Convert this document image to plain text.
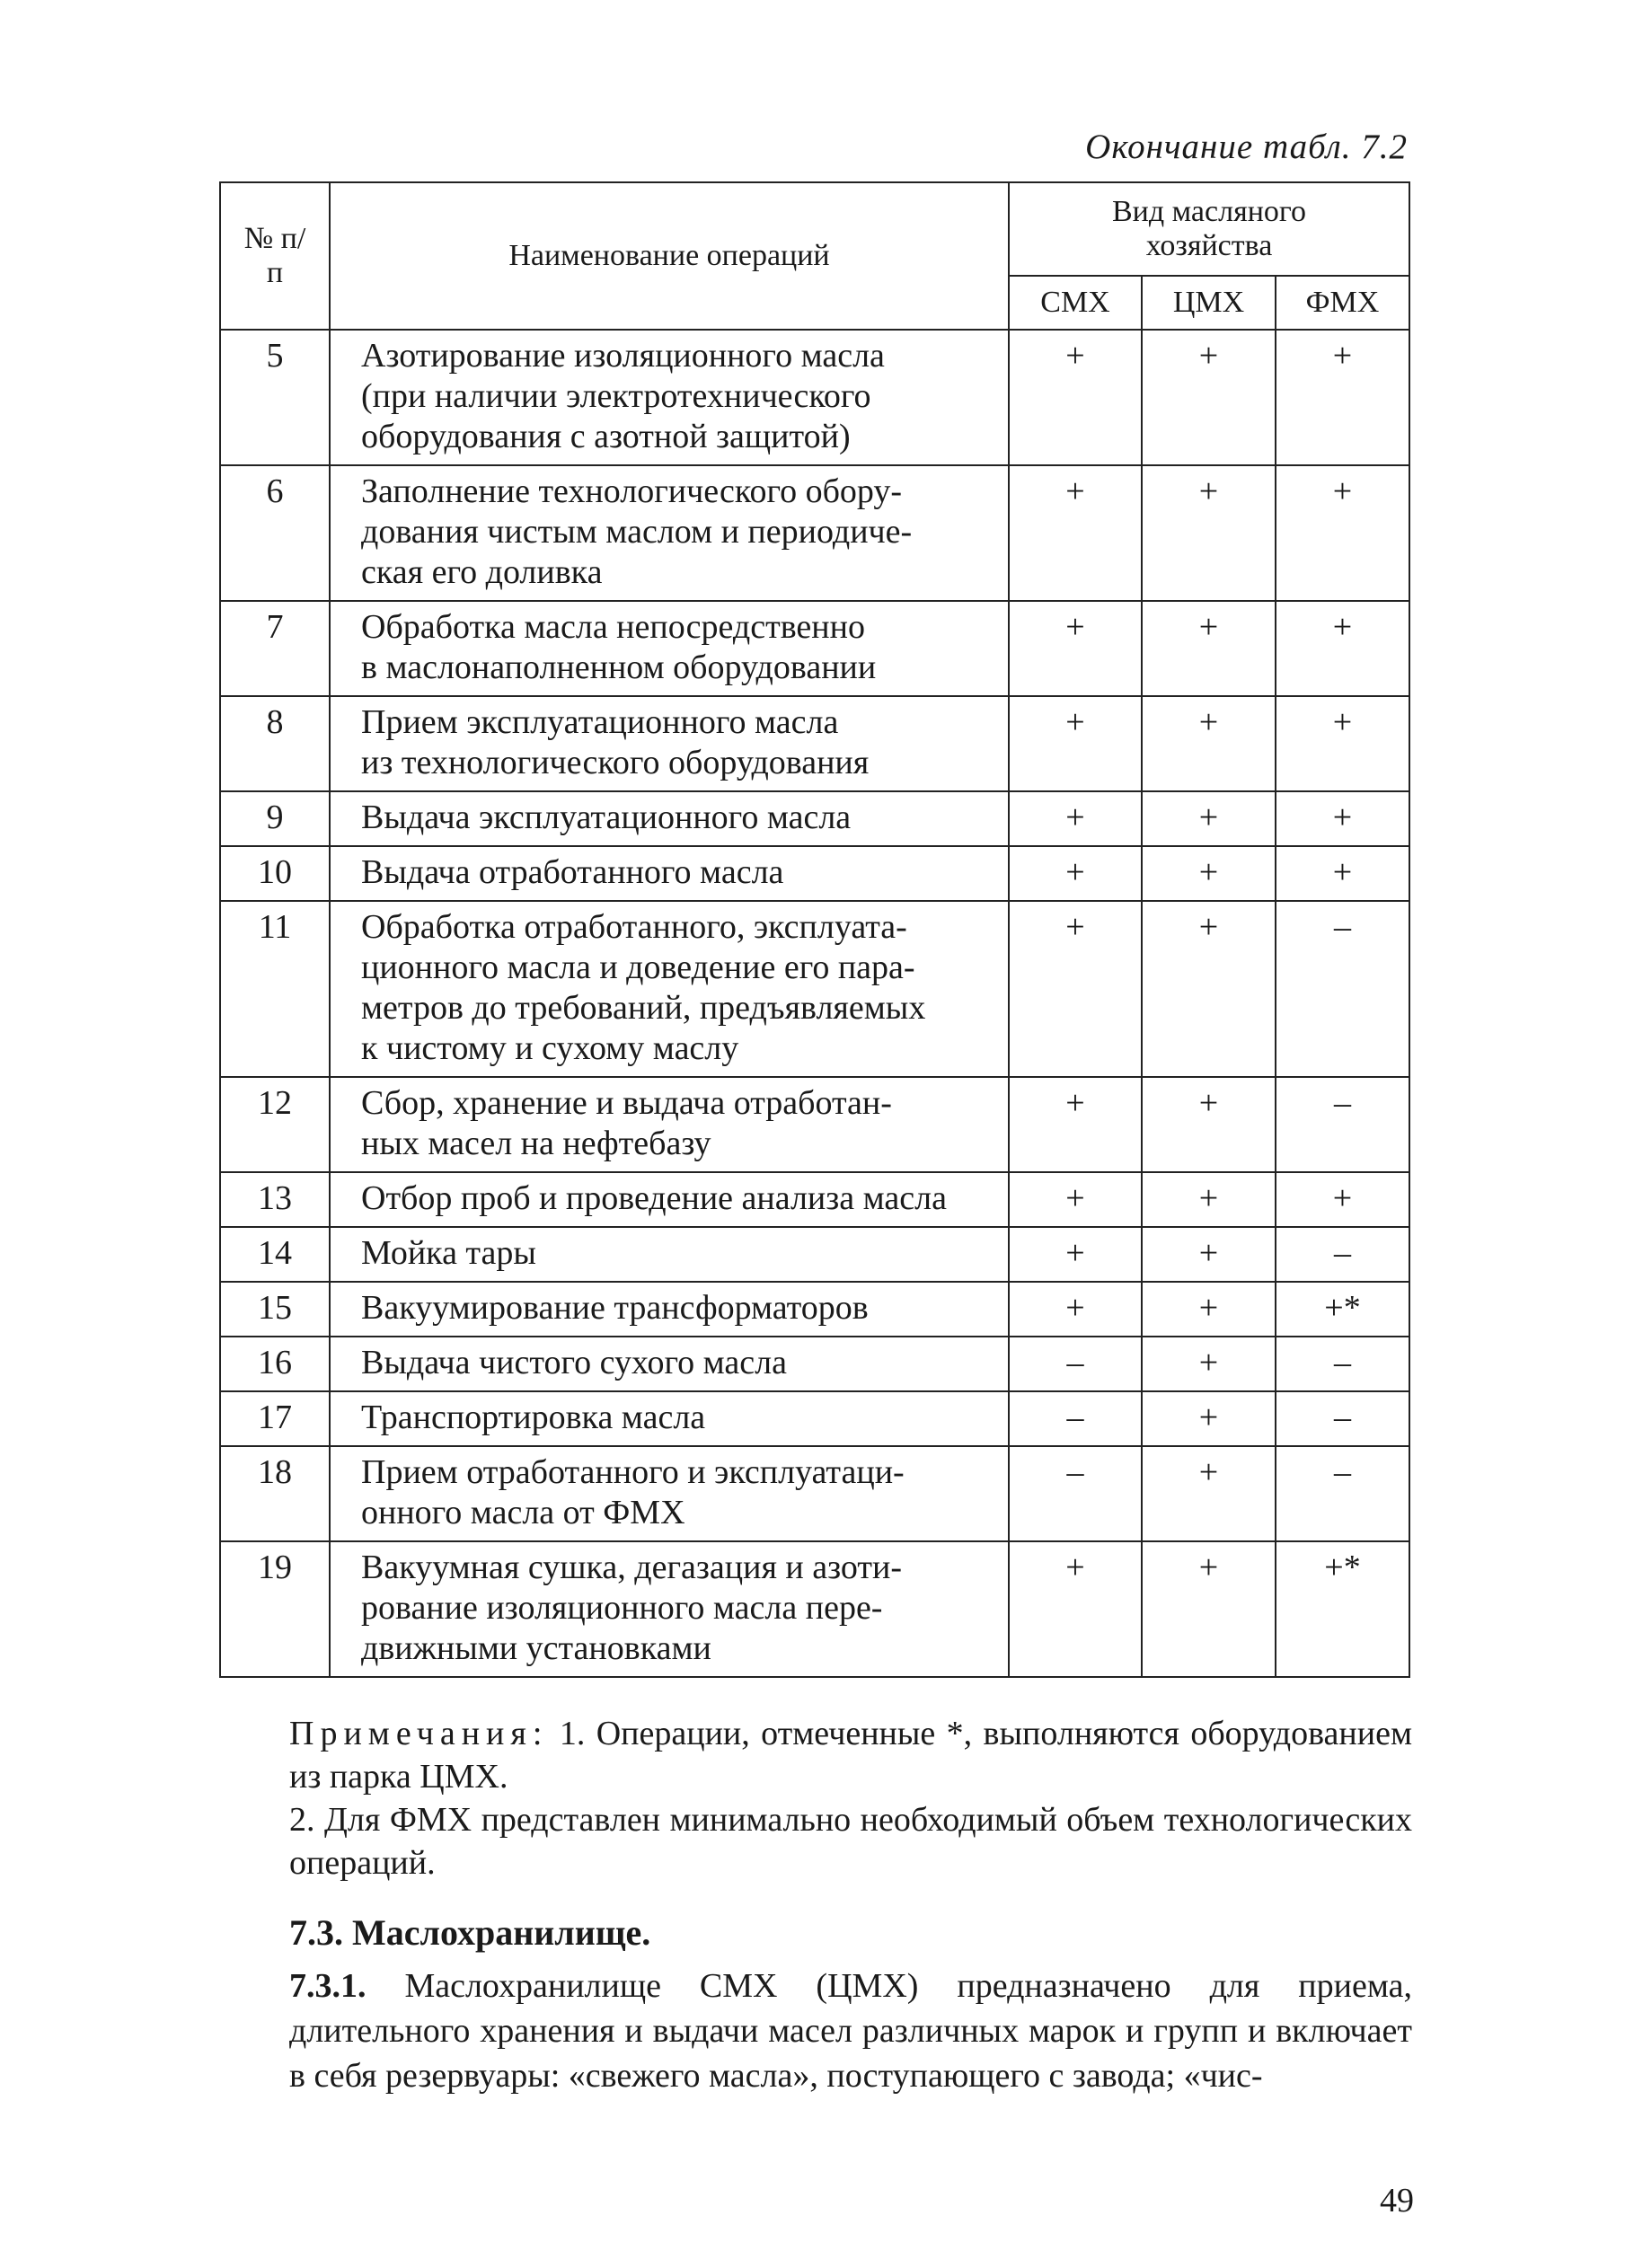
Окончание табл. 7.2
№ п/п	Наименование операций	Вид масляного хозяйства		
		СМХ	ЦМХ	ФМХ
5	Азотирование изоляционного масла
(при наличии электротехнического
оборудования с азотной защитой)	+	+	+
6	Заполнение технологического обору-
дования чистым маслом и периодиче-
ская его доливка	+	+	+
7	Обработка масла непосредственно
в маслонаполненном оборудовании	+	+	+
8	Прием эксплуатационного масла
из технологического оборудования	+	+	+
9	Выдача эксплуатационного масла	+	+	+
10	Выдача отработанного масла	+	+	+
11	Обработка отработанного, эксплуата-
ционного масла и доведение его пара-
метров до требований, предъявляемых
к чистому и сухому маслу	+	+	–
12	Сбор, хранение и выдача отработан-
ных масел на нефтебазу	+	+	–
13	Отбор проб и проведение анализа масла	+	+	+
14	Мойка тары	+	+	–
15	Вакуумирование трансформаторов	+	+	+*
16	Выдача чистого сухого масла	–	+	–
17	Транспортировка масла	–	+	–
18	Прием отработанного и эксплуатаци-
онного масла от ФМХ	–	+	–
19	Вакуумная сушка, дегазация и азоти-
рование изоляционного масла пере-
движными установками	+	+	+*

Примечания: 1. Операции, отмеченные *, выполняются оборудованием из парка ЦМХ.

2. Для ФМХ представлен минимально необходимый объем технологических операций.

7.3. Маслохранилище.
7.3.1. Маслохранилище СМХ (ЦМХ) предназначено для приема, длительного хранения и выдачи масел различных марок и групп и включает в себя резервуары: «свежего масла», поступающего с завода; «чис-
49
